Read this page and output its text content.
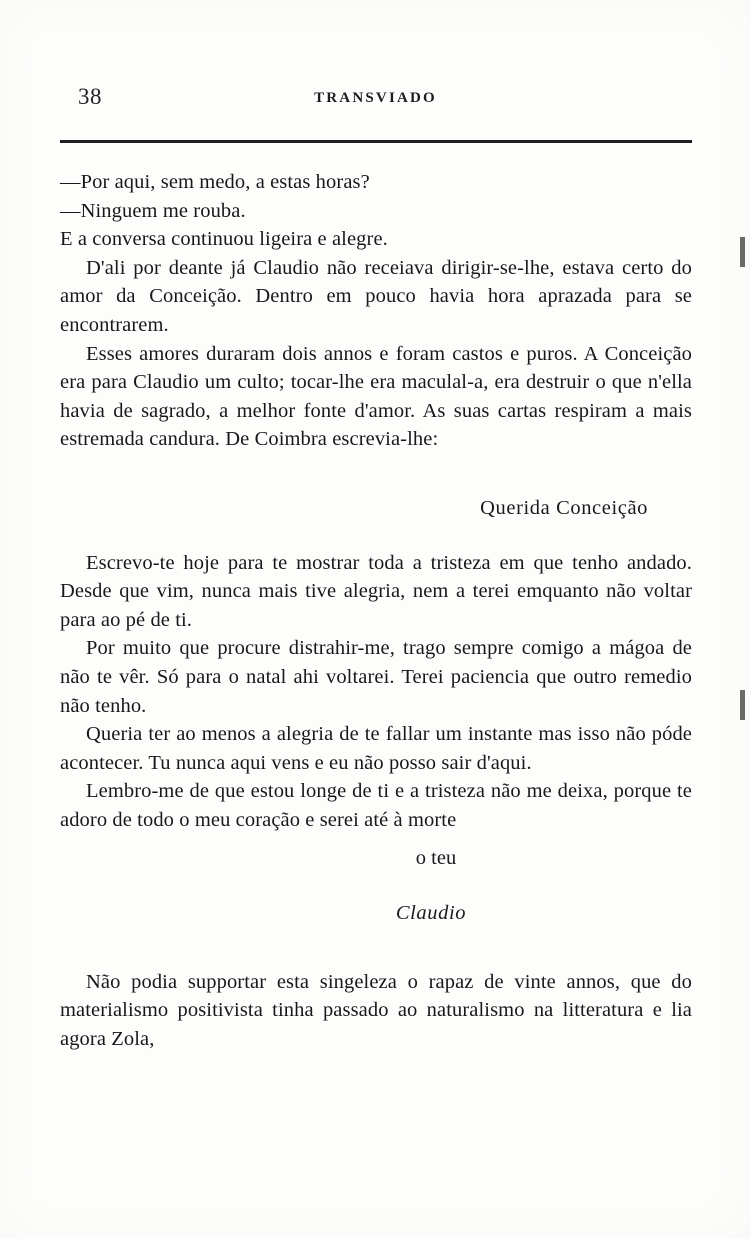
38	TRANSVIADO

—Por aqui, sem medo, a estas horas?

—Ninguem me rouba.

E a conversa continuou ligeira e alegre.

D'ali por deante já Claudio não receiava dirigir-se-lhe, estava certo do amor da Conceição. Dentro em pouco havia hora aprazada para se encontrarem.

Esses amores duraram dois annos e foram castos e puros. A Conceição era para Claudio um culto; tocar-lhe era maculal-a, era destruir o que n'ella havia de sagrado, a melhor fonte d'amor. As suas cartas respiram a mais estremada candura. De Coimbra escrevia-lhe:

Querida Conceição

Escrevo-te hoje para te mostrar toda a tristeza em que tenho andado. Desde que vim, nunca mais tive alegria, nem a terei emquanto não voltar para ao pé de ti.

Por muito que procure distrahir-me, trago sempre comigo a mágoa de não te vêr. Só para o natal ahi voltarei. Terei paciencia que outro remedio não tenho.

Queria ter ao menos a alegria de te fallar um instante mas isso não póde acontecer. Tu nunca aqui vens e eu não posso sair d'aqui.

Lembro-me de que estou longe de ti e a tristeza não me deixa, porque te adoro de todo o meu coração e serei até à morte

o teu
Claudio

Não podia supportar esta singeleza o rapaz de vinte annos, que do materialismo positivista tinha passado ao naturalismo na litteratura e lia agora Zola,
